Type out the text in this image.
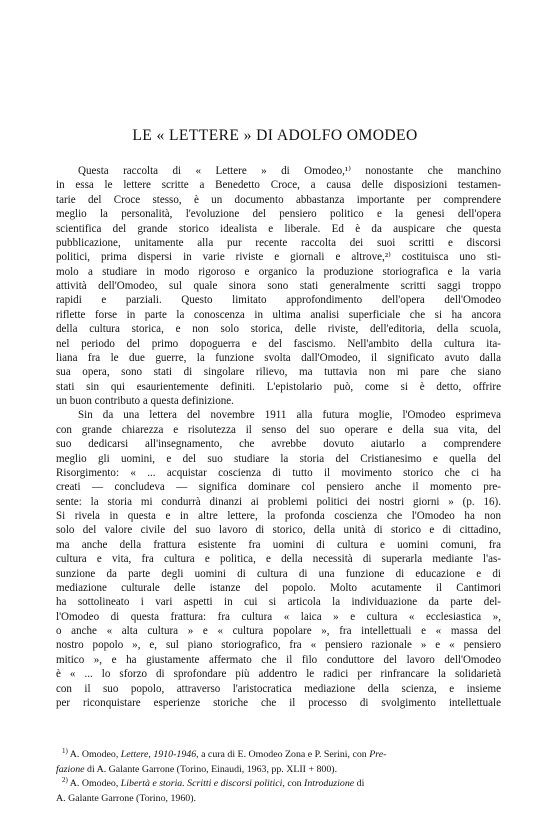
LE « LETTERE » DI ADOLFO OMODEO
Questa raccolta di « Lettere » di Omodeo,¹⁾ nonostante che manchino
in essa le lettere scritte a Benedetto Croce, a causa delle disposizioni testamen-
tarie del Croce stesso, è un documento abbastanza importante per comprendere
meglio la personalità, l'evoluzione del pensiero politico e la genesi dell'opera
scientifica del grande storico idealista e liberale. Ed è da auspicare che questa
pubblicazione, unitamente alla pur recente raccolta dei suoi scritti e discorsi
politici, prima dispersi in varie riviste e giornali e altrove,²⁾ costituisca uno sti-
molo a studiare in modo rigoroso e organico la produzione storiografica e la varia
attività dell'Omodeo, sul quale sinora sono stati generalmente scritti saggi troppo
rapidi e parziali. Questo limitato approfondimento dell'opera dell'Omodeo
riflette forse in parte la conoscenza in ultima analisi superficiale che si ha ancora
della cultura storica, e non solo storica, delle riviste, dell'editoria, della scuola,
nel periodo del primo dopoguerra e del fascismo. Nell'ambito della cultura ita-
liana fra le due guerre, la funzione svolta dall'Omodeo, il significato avuto dalla
sua opera, sono stati di singolare rilievo, ma tuttavia non mi pare che siano
stati sin qui esaurientemente definiti. L'epistolario può, come si è detto, offrire
un buon contributo a questa definizione.
Sin da una lettera del novembre 1911 alla futura moglie, l'Omodeo esprimeva
con grande chiarezza e risolutezza il senso del suo operare e della sua vita, del
suo dedicarsi all'insegnamento, che avrebbe dovuto aiutarlo a comprendere
meglio gli uomini, e del suo studiare la storia del Cristianesimo e quella del
Risorgimento: « ... acquistar coscienza di tutto il movimento storico che ci ha
creati — concludeva — significa dominare col pensiero anche il momento pre-
sente: la storia mi condurrà dinanzi ai problemi politici dei nostri giorni » (p. 16).
Si rivela in questa e in altre lettere, la profonda coscienza che l'Omodeo ha non
solo del valore civile del suo lavoro di storico, della unità di storico e di cittadino,
ma anche della frattura esistente fra uomini di cultura e uomini comuni, fra
cultura e vita, fra cultura e politica, e della necessità di superarla mediante l'as-
sunzione da parte degli uomini di cultura di una funzione di educazione e di
mediazione culturale delle istanze del popolo. Molto acutamente il Cantimori
ha sottolineato i vari aspetti in cui si articola la individuazione da parte del-
l'Omodeo di questa frattura: fra cultura « laica » e cultura « ecclesiastica »,
o anche « alta cultura » e « cultura popolare », fra intellettuali e « massa del
nostro popolo », e, sul piano storiografico, fra « pensiero razionale » e « pensiero
mitico », e ha giustamente affermato che il filo conduttore del lavoro dell'Omodeo
è « ... lo sforzo di sprofondare più addentro le radici per rinfrancare la solidarietà
con il suo popolo, attraverso l'aristocratica mediazione della scienza, e insieme
per riconquistare esperienze storiche che il processo di svolgimento intellettuale
$^{1)}$ A. Omodeo, Lettere, 1910-1946, a cura di E. Omodeo Zona e P. Serini, con Pre-
fazione di A. Galante Garrone (Torino, Einaudi, 1963, pp. XLII + 800).
$^{2)}$ A. Omodeo, Libertà e storia. Scritti e discorsi politici, con Introduzione di
A. Galante Garrone (Torino, 1960).
